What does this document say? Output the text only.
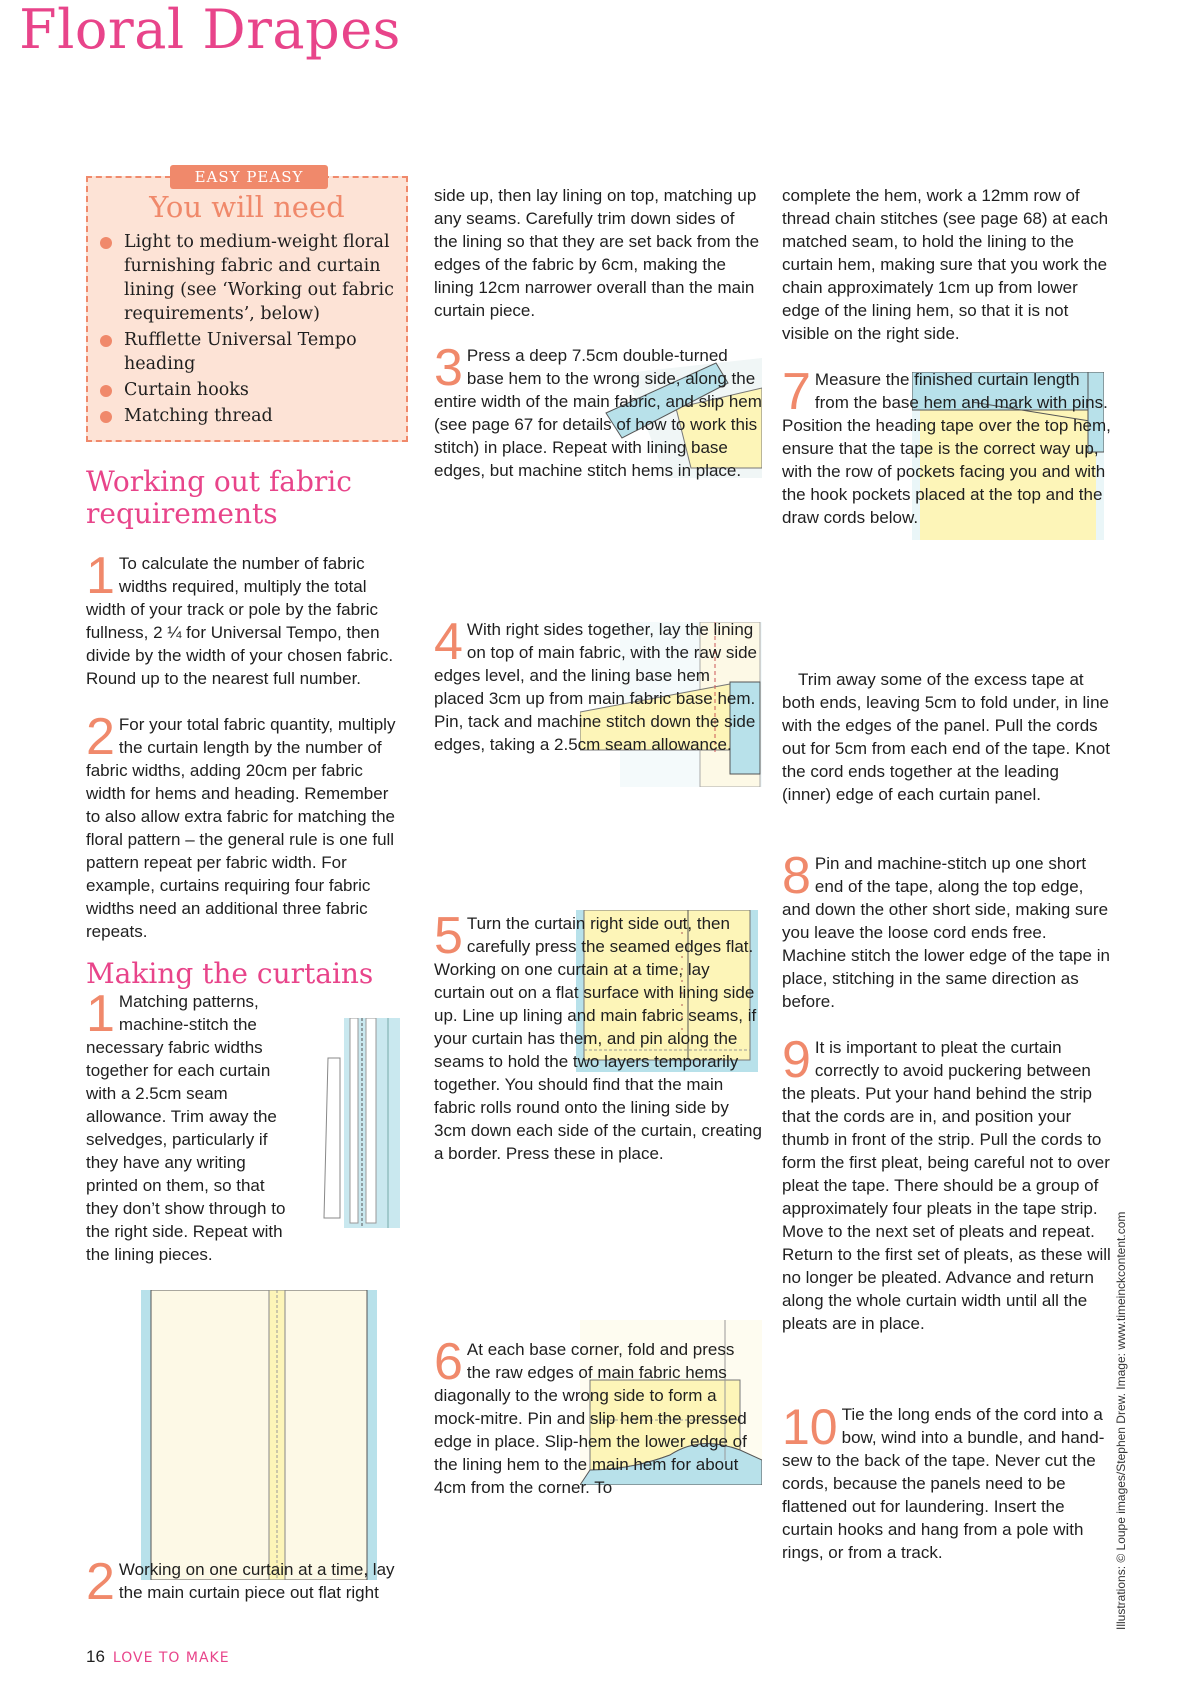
Floral Drapes
EASY PEASY
You will need
Light to medium-weight floral furnishing fabric and curtain lining (see ‘Working out fabric requirements’, below)
Rufflette Universal Tempo heading
Curtain hooks
Matching thread
Working out fabric requirements
1 To calculate the number of fabric widths required, multiply the total width of your track or pole by the fabric fullness, 2 ¼ for Universal Tempo, then divide by the width of your chosen fabric. Round up to the nearest full number.

2 For your total fabric quantity, multiply the curtain length by the number of fabric widths, adding 20cm per fabric width for hems and heading. Remember to also allow extra fabric for matching the floral pattern – the general rule is one full pattern repeat per fabric width. For example, curtains requiring four fabric widths need an additional three fabric repeats.

Making the curtains
1 Matching patterns, machine-stitch the necessary fabric widths together for each curtain with a 2.5cm seam allowance. Trim away the selvedges, particularly if they have any writing printed on them, so that they don’t show through to the right side. Repeat with the lining pieces.

2 Working on one curtain at a time, lay the main curtain piece out flat right

side up, then lay lining on top, matching up any seams. Carefully trim down sides of the lining so that they are set back from the edges of the fabric by 6cm, making the lining 12cm narrower overall than the main curtain piece.

3 Press a deep 7.5cm double-turned base hem to the wrong side, along the entire width of the main fabric, and slip hem (see page 67 for details of how to work this stitch) in place. Repeat with lining base edges, but machine stitch hems in place.

4 With right sides together, lay the lining on top of main fabric, with the raw side edges level, and the lining base hem placed 3cm up from main fabric base hem. Pin, tack and machine stitch down the side edges, taking a 2.5cm seam allowance.

5 Turn the curtain right side out, then carefully press the seamed edges flat. Working on one curtain at a time, lay curtain out on a flat surface with lining side up. Line up lining and main fabric seams, if your curtain has them, and pin along the seams to hold the two layers temporarily together. You should find that the main fabric rolls round onto the lining side by 3cm down each side of the curtain, creating a border. Press these in place.

6 At each base corner, fold and press the raw edges of main fabric hems diagonally to the wrong side to form a mock-mitre. Pin and slip hem the pressed edge in place. Slip-hem the lower edge of the lining hem to the main hem for about 4cm from the corner. To

complete the hem, work a 12mm row of thread chain stitches (see page 68) at each matched seam, to hold the lining to the curtain hem, making sure that you work the chain approximately 1cm up from lower edge of the lining hem, so that it is not visible on the right side.

7 Measure the finished curtain length from the base hem and mark with pins. Position the heading tape over the top hem, ensure that the tape is the correct way up, with the row of pockets facing you and with the hook pockets placed at the top and the draw cords below.

Trim away some of the excess tape at both ends, leaving 5cm to fold under, in line with the edges of the panel. Pull the cords out for 5cm from each end of the tape. Knot the cord ends together at the leading (inner) edge of each curtain panel.

8 Pin and machine-stitch up one short end of the tape, along the top edge, and down the other short side, making sure you leave the loose cord ends free. Machine stitch the lower edge of the tape in place, stitching in the same direction as before.

9 It is important to pleat the curtain correctly to avoid puckering between the pleats. Put your hand behind the strip that the cords are in, and position your thumb in front of the strip. Pull the cords to form the first pleat, being careful not to over pleat the tape. There should be a group of approximately four pleats in the tape strip. Move to the next set of pleats and repeat. Return to the first set of pleats, as these will no longer be pleated. Advance and return along the whole curtain width until all the pleats are in place.

10 Tie the long ends of the cord into a bow, wind into a bundle, and hand-sew to the back of the tape. Never cut the cords, because the panels need to be flattened out for laundering. Insert the curtain hooks and hang from a pole with rings, or from a track.

16 LOVE TO MAKE
Illustrations: © Loupe images/Stephen Drew. Image: www.timeinckcontent.com
